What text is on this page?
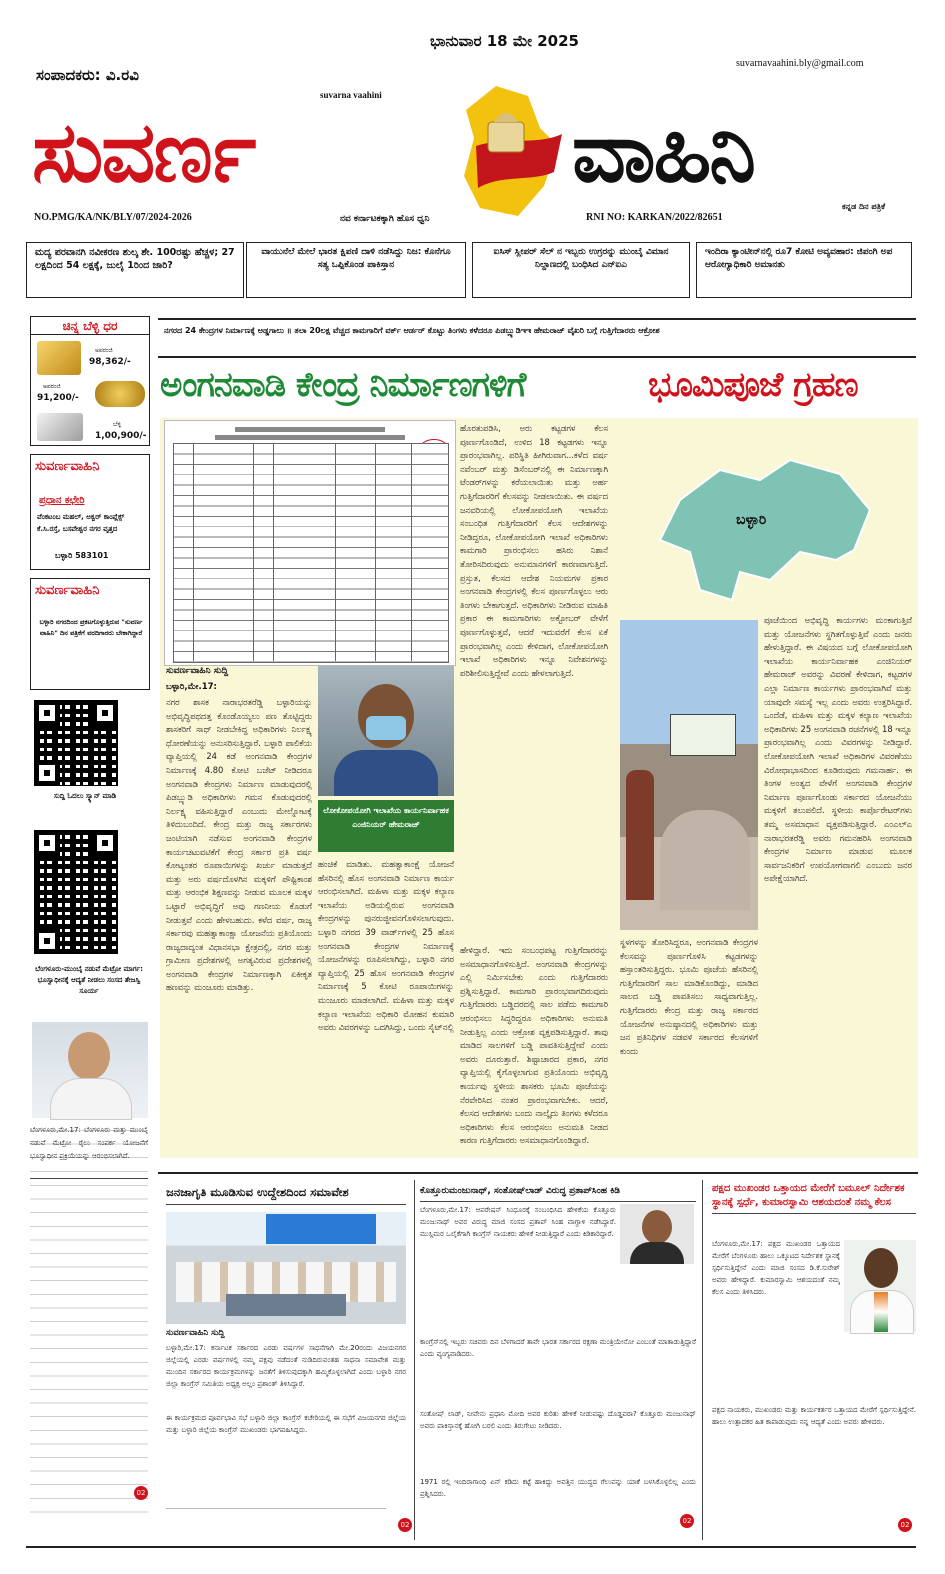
ಭಾನುವಾರ 18 ಮೇ 2025
suvarnavaahini.bly@gmail.com
ಸಂಪಾದಕರು: ವಿ.ರವಿ
suvarna vaahini
ಸುವರ್ಣ	ವಾಹಿನಿ
NO.PMG/KA/NK/BLY/07/2024-2026	ನವ ಕರ್ನಾಟಕಕ್ಕಾಗಿ ಹೊಸ ಧ್ವನಿ	RNI NO: KARKAN/2022/82651
ಕನ್ನಡ ದಿನ ಪತ್ರಿಕೆ
ಮದ್ಯ ಪರವಾನಗಿ ನವೀಕರಣ ಶುಲ್ಕ ಶೇ. 100ರಷ್ಟು ಹೆಚ್ಚಳ; 27 ಲಕ್ಷದಿಂದ 54 ಲಕ್ಷಕ್ಕೆ, ಜುಲೈ 1ರಿಂದ ಜಾರಿ?
ವಾಯುನೆಲೆ ಮೇಲೆ ಭಾರತ ಕ್ಷಿಪಣಿ ದಾಳಿ ನಡೆಸಿದ್ದು ನಿಜ: ಕೊನೆಗೂ ಸತ್ಯ ಒಪ್ಪಿಕೊಂಡ ಪಾಕಿಸ್ತಾನ
ಐಸಿಸ್ ಸ್ಲೀಪರ್ ಸೆಲ್ ನ ಇಬ್ಬರು ಉಗ್ರರನ್ನು ಮುಂಬೈ ವಿಮಾನ ನಿಲ್ದಾಣದಲ್ಲಿ ಬಂಧಿಸಿದ ಎನ್ಐಎ
ಇಂದಿರಾ ಕ್ಯಾಂಟೀನ್‌ನಲ್ಲಿ ರೂ7 ಕೋಟಿ ಅವ್ಯವಹಾರ: ಜಿಪಂಗಿ ಅಪ ಆರೋಗ್ಯಾಧಿಕಾರಿ ಅಮಾನತು
ಚಿನ್ನ ಬೆಳ್ಳಿ ಧರ
ಅಪರಂಜಿ
98,362/-
ಅಪರಂಜಿ
91,200/-
ಬೆಳ್ಳಿ
1,00,900/-
ಸುವರ್ಣವಾಹಿನಿ
ಪ್ರಧಾನ ಕಛೇರಿ
ವೆಂಕಟಂಬ ಮಹಲ್, ಅಕ್ವರ್ ಕಾಂಪ್ಲೆಕ್ಸ್ ಕೆ.ಸಿ.ರಸ್ತೆ, ಬಸವೇಶ್ವರ ನಗರ ವೃತ್ತದ
ಬಳ್ಳಾರಿ 583101
ಸುವರ್ಣವಾಹಿನಿ
ಬಳ್ಳಾರಿ ನಗರದಿಂದ ಪ್ರಕಟಗೊಳ್ಳುತ್ತಿರುವ "ಸುವರ್ಣ ವಾಹಿನಿ" ದಿನ ಪತ್ರಿಕೆಗೆ ವರದಿಗಾರರು ಬೇಕಾಗಿದ್ದಾರೆ
ಸುದ್ದಿ ಓದಲು ಸ್ಕ್ಯಾನ್ ಮಾಡಿ
ಬೆಂಗಳೂರು-ಮುಂಬೈ ನಡುವೆ ಮೆಟ್ರೋ ಮಾರ್ಗ: ಭೂಸ್ವಾಧೀನಕ್ಕೆ ಆದ್ಯತೆ ನೀಡಲು ಸಂಸದ ತೇಜಸ್ವಿ ಸೂರ್ಯ
ಬೆಂಗಳೂರು,ಮೇ.17: ಬೆಂಗಳೂರು ಮತ್ತು ಮುಂಬೈ ನಡುವೆ ಮೆಟ್ರೋ ರೈಲು ಸಂಪರ್ಕ ಯೋಜನೆಗೆ ಭೂಸ್ವಾಧೀನ ಪ್ರಕ್ರಿಯೆಯನ್ನು ಆರಂಭಿಸಲಾಗಿದೆ.
02
ನಗರದ 24 ಕೇಂದ್ರಗಳ ನಿರ್ಮಾಣಕ್ಕೆ ಅಡ್ಡಗಾಲು ॥ ತಲಾ 20ಲಕ್ಷ ವೆಚ್ಚದ ಕಾಮಗಾರಿಗೆ ವರ್ಕ್ ಆರ್ಡರ್ ಕೊಟ್ಟು ತಿಂಗಳು ಕಳೆದರೂ ಪಿಡಬ್ಲ್ಯುಡಿಇಇ ಹೇಮರಾಜ್ ವೈಖರಿ ಬಗ್ಗೆ ಗುತ್ತಿಗೆದಾರರು ಆಕ್ರೋಶ
ಅಂಗನವಾಡಿ ಕೇಂದ್ರ ನಿರ್ಮಾಣಗಳಿಗೆ	ಭೂಮಿಪೂಜೆ ಗ್ರಹಣ
ಬಳ್ಳಾರಿ
ಸುವರ್ಣವಾಹಿನಿ ಸುದ್ದಿ
ಬಳ್ಳಾರಿ,ಮೇ.17:
ನಗರ ಶಾಸಕ ನಾರಾಭರತರೆಡ್ಡಿ ಬಳ್ಳಾರಿಯನ್ನು ಅಭಿವೃದ್ಧಿಪಥದತ್ತ ಕೊಂಡೊಯ್ಯಲು ಪಣ ತೊಟ್ಟಿದ್ದರು ಶಾಸಕರಿಗೆ ಸಾಥ್ ನೀಡಬೇಕಿದ್ದ ಅಧಿಕಾರಿಗಳು ನಿರ್ಲಕ್ಷ್ಯ ಧೋರಣೆಯನ್ನು ಅನುಸರಿಸುತ್ತಿದ್ದಾರೆ. ಬಳ್ಳಾರಿ ಪಾಲಿಕೆಯ ವ್ಯಾಪ್ತಿಯಲ್ಲಿ 24 ಕಡೆ ಅಂಗನವಾಡಿ ಕೇಂದ್ರಗಳ ನಿರ್ಮಾಣಕ್ಕೆ 4.80 ಕೋಟಿ ಬಜೆಟ್ ನೀಡಿದರೂ ಅಂಗನವಾಡಿ ಕೇಂದ್ರಗಳು ನಿರ್ಮಾಣ ಮಾಡುವುದರಲ್ಲಿ ಪಿಡಬ್ಲ್ಯುಡಿ ಅಧಿಕಾರಿಗಳು ಗಮನ ಕೊಡುವುದರಲ್ಲಿ ನಿರ್ಲಕ್ಷ್ಯ ವಹಿಸುತ್ತಿದ್ದಾರೆ ಎಂಬುದು ಮೇಲ್ನೋಟಕ್ಕೆ ತಿಳಿದುಬಂದಿದೆ. ಕೇಂದ್ರ ಮತ್ತು ರಾಜ್ಯ ಸರ್ಕಾರಗಳು ಜಂಟಿಯಾಗಿ ನಡೆಸುವ ಅಂಗನವಾಡಿ ಕೇಂದ್ರಗಳ ಕಾರ್ಯಚಟುವಟಿಕೆಗೆ ಕೇಂದ್ರ ಸರ್ಕಾರ ಪ್ರತಿ ವರ್ಷ ಕೋಟ್ಯಂತರ ರೂಪಾಯಿಗಳನ್ನು ಖರ್ಚು ಮಾಡುತ್ತದೆ ಮತ್ತು ಅರು ವರ್ಷದೊಳಗಿನ ಮಕ್ಕಳಿಗೆ ಪೌಷ್ಟಿಕಾಂಶ ಮತ್ತು ಆರಂಭಿಕ ಶಿಕ್ಷಣವನ್ನು ನೀಡುವ ಮೂಲಕ ಮಕ್ಕಳ ಒಟ್ಟಾರೆ ಅಭಿವೃದ್ಧಿಗೆ ಅವು ಗಣನೀಯ ಕೊಡುಗೆ ನೀಡುತ್ತವೆ ಎಂದು ಹೇಳಬಹುದು. ಕಳೆದ ವರ್ಷ, ರಾಜ್ಯ ಸರ್ಕಾರವು ಮಹತ್ವಾಕಾಂಕ್ಷಾ ಯೋಜನೆಯ ಪ್ರತಿಯೊಂದು ರಾಜ್ಯದಾದ್ಯಂತ ವಿಧಾನಸಭಾ ಕ್ಷೇತ್ರದಲ್ಲಿ, ನಗರ ಮತ್ತು ಗ್ರಾಮೀಣ ಪ್ರದೇಶಗಳಲ್ಲಿ ಅಗತ್ಯವಿರುವ ಪ್ರದೇಶಗಳಲ್ಲಿ ಅಂಗನವಾಡಿ ಕೇಂದ್ರಗಳ ನಿರ್ಮಾಣಕ್ಕಾಗಿ ಏಕೀಕೃತ ಹಣವನ್ನು ಮಂಜೂರು ಮಾಡಿತ್ತು.
ಲೋಕೋಪಯೋಗಿ ಇಲಾಖೆಯ ಕಾರ್ಯನಿರ್ವಾಹಕ ಎಂಜಿನಿಯರ್ ಹೇಮರಾಜ್
ಹಂಚಿಕೆ ಮಾಡಿತು. ಮಹತ್ವಾಕಾಂಕ್ಷೆ ಯೋಜನೆ ಹೆಸರಿನಲ್ಲಿ ಹೊಸ ಅಂಗನವಾಡಿ ನಿರ್ಮಾಣ ಕಾರ್ಯ ಆರಂಭಿಸಲಾಗಿದೆ. ಮಹಿಳಾ ಮತ್ತು ಮಕ್ಕಳ ಕಲ್ಯಾಣ ಇಲಾಖೆಯ ಅಡಿಯಲ್ಲಿರುವ ಅಂಗನವಾಡಿ ಕೇಂದ್ರಗಳನ್ನು ಪುನರುಜ್ಜೀವನಗೊಳಿಸಲಾಗುವುದು. ಬಳ್ಳಾರಿ ನಗರದ 39 ವಾರ್ಡ್‌ಗಳಲ್ಲಿ 25 ಹೊಸ ಅಂಗನವಾಡಿ ಕೇಂದ್ರಗಳ ನಿರ್ಮಾಣಕ್ಕೆ ಯೋಜನೆಗಳನ್ನು ರೂಪಿಸಲಾಗಿದ್ದು, ಬಳ್ಳಾರಿ ನಗರ ವ್ಯಾಪ್ತಿಯಲ್ಲಿ 25 ಹೊಸ ಅಂಗನವಾಡಿ ಕೇಂದ್ರಗಳ ನಿರ್ಮಾಣಕ್ಕೆ 5 ಕೋಟಿ ರೂಪಾಯಿಗಳನ್ನು ಮಂಜೂರು ಮಾಡಲಾಗಿದೆ. ಮಹಿಳಾ ಮತ್ತು ಮಕ್ಕಳ ಕಲ್ಯಾಣ ಇಲಾಖೆಯ ಅಧಿಕಾರಿ ಮೋಹನ ಕುಮಾರಿ ಅವರು ವಿವರಗಳನ್ನು ಒದಗಿಸಿದ್ದು, ಒಂದು ಸೈಟ್‌ನಲ್ಲಿ
ಹೊರತುಪಡಿಸಿ, ಅರು ಕಟ್ಟಡಗಳ ಕೆಲಸ ಪೂರ್ಣಗೊಂಡಿದೆ, ಉಳಿದ 18 ಕಟ್ಟಡಗಳು ಇನ್ನೂ ಪ್ರಾರಂಭವಾಗಿಲ್ಲ. ಪರಿಸ್ಥಿತಿ ಹೀಗಿರುವಾಗ...ಕಳೆದ ವರ್ಷ ನವೆಂಬರ್ ಮತ್ತು ಡಿಸೆಂಬರ್‌ನಲ್ಲಿ ಈ ನಿರ್ಮಾಣಕ್ಕಾಗಿ ಟೆಂಡರ್‌ಗಳನ್ನು ಕರೆಯಲಾಯಿತು ಮತ್ತು ಅರ್ಹ ಗುತ್ತಿಗೆದಾರರಿಗೆ ಕೆಲಸವನ್ನು ನೀಡಲಾಯಿತು. ಈ ವರ್ಷದ ಜನವರಿಯಲ್ಲಿ ಲೋಕೋಪಯೋಗಿ ಇಲಾಖೆಯ ಸಂಬಂಧಿತ ಗುತ್ತಿಗೆದಾರರಿಗೆ ಕೆಲಸ ಆದೇಶಗಳನ್ನು ನೀಡಿದ್ದರೂ, ಲೋಕೋಪಯೋಗಿ ಇಲಾಖೆ ಅಧಿಕಾರಿಗಳು ಕಾಮಗಾರಿ ಪ್ರಾರಂಭಿಸಲು ಹಸಿರು ನಿಶಾನೆ ತೋರಿಸದಿರುವುದು ಅನುಮಾನಗಳಿಗೆ ಕಾರಣವಾಗುತ್ತಿದೆ. ಪ್ರಸ್ತುತ, ಕೆಲಸದ ಆದೇಶ ನಿಯಮಗಳ ಪ್ರಕಾರ ಅಂಗನವಾಡಿ ಕೇಂದ್ರಗಳಲ್ಲಿ ಕೆಲಸ ಪೂರ್ಣಗೊಳ್ಳಲು ಆರು ತಿಂಗಳು ಬೇಕಾಗುತ್ತದೆ. ಅಧಿಕಾರಿಗಳು ನೀಡಿರುವ ಮಾಹಿತಿ ಪ್ರಕಾರ ಈ ಕಾಮಗಾರಿಗಳು ಅಕ್ಟೋಬರ್ ವೇಳೆಗೆ ಪೂರ್ಣಗೊಳ್ಳುತ್ತವೆ, ಆದರೆ ಇದುವರೆಗೆ ಕೆಲಸ ಏಕೆ ಪ್ರಾರಂಭವಾಗಿಲ್ಲ ಎಂದು ಕೇಳಿದಾಗ, ಲೋಕೋಪಯೋಗಿ ಇಲಾಖೆ ಅಧಿಕಾರಿಗಳು ಇನ್ನೂ ನಿವೇಶನಗಳನ್ನು ಪರಿಶೀಲಿಸುತ್ತಿದ್ದೇವೆ ಎಂದು ಹೇಳಲಾಗುತ್ತಿದೆ.
ಹೇಳಿದ್ದಾರೆ. ಇದು ಸಂಬಂಧಪಟ್ಟ ಗುತ್ತಿಗೆದಾರರನ್ನು ಅಸಮಾಧಾನಗೊಳಿಸುತ್ತಿದೆ. ಅಂಗನವಾಡಿ ಕೇಂದ್ರಗಳನ್ನು ಎಲ್ಲಿ ನಿರ್ಮಿಸಬೇಕು ಎಂದು ಗುತ್ತಿಗೆದಾರರು ಪ್ರಶ್ನಿಸುತ್ತಿದ್ದಾರೆ. ಕಾಮಗಾರಿ ಪ್ರಾರಂಭವಾಗದಿರುವುದು ಗುತ್ತಿಗೆದಾರರು ಬಡ್ಡಿದರದಲ್ಲಿ ಸಾಲ ಪಡೆದು ಕಾಮಗಾರಿ ಆರಂಭಿಸಲು ಸಿದ್ಧರಿದ್ದರೂ ಅಧಿಕಾರಿಗಳು ಅನುಮತಿ ನೀಡುತ್ತಿಲ್ಲ ಎಂದು ಆಕ್ರೋಶ ವ್ಯಕ್ತಪಡಿಸುತ್ತಿದ್ದಾರೆ. ತಾವು ಮಾಡಿದ ಸಾಲಗಳಿಗೆ ಬಡ್ಡಿ ಪಾವತಿಸುತ್ತಿದ್ದೇವೆ ಎಂದು ಅವರು ದೂರುತ್ತಾರೆ. ಶಿಷ್ಟಾಚಾರದ ಪ್ರಕಾರ, ನಗರ ವ್ಯಾಪ್ತಿಯಲ್ಲಿ ಕೈಗೊಳ್ಳಲಾಗುವ ಪ್ರತಿಯೊಂದು ಅಭಿವೃದ್ಧಿ ಕಾರ್ಯವು ಸ್ಥಳೀಯ ಶಾಸಕರು ಭೂಮಿ ಪೂಜೆಯನ್ನು ನೆರವೇರಿಸಿದ ನಂತರ ಪ್ರಾರಂಭವಾಗಬೇಕು. ಆದರೆ, ಕೆಲಸದ ಆದೇಶಗಳು ಬಂದು ನಾಲ್ಕೈದು ತಿಂಗಳು ಕಳೆದರೂ ಅಧಿಕಾರಿಗಳು ಕೆಲಸ ಆರಂಭಿಸಲು ಅನುಮತಿ ನೀಡದ ಕಾರಣ ಗುತ್ತಿಗೆದಾರರು ಅಸಮಾಧಾನಗೊಂಡಿದ್ದಾರೆ.
ಸ್ಥಳಗಳನ್ನು ತೋರಿಸಿದ್ದರೂ, ಅಂಗನವಾಡಿ ಕೇಂದ್ರಗಳ ಕೆಲಸವನ್ನು ಪೂರ್ಣಗೊಳಿಸಿ ಕಟ್ಟಡಗಳನ್ನು ಹಸ್ತಾಂತರಿಸುತ್ತಿದ್ದರು. ಭೂಮಿ ಪೂಜೆಯ ಹೆಸರಿನಲ್ಲಿ ಗುತ್ತಿಗೆದಾರರಿಗೆ ಸಾಲ ಮಾಡಿಕೊಂಡಿದ್ದು, ಮಾಡಿದ ಸಾಲದ ಬಡ್ಡಿ ಪಾವತಿಸಲು ಸಾಧ್ಯವಾಗುತ್ತಿಲ್ಲ. ಗುತ್ತಿಗೆದಾರರು ಕೇಂದ್ರ ಮತ್ತು ರಾಜ್ಯ ಸರ್ಕಾರದ ಯೋಜನೆಗಳ ಅನುಷ್ಠಾನದಲ್ಲಿ ಅಧಿಕಾರಿಗಳು ಮತ್ತು ಜನ ಪ್ರತಿನಿಧಿಗಳ ನಡವಳಿ ಸರ್ಕಾರದ ಕೆಲಸಗಳಿಗೆ ಕುಂದು
ಪೂಜೆಯಿಂದ ಅಭಿವೃದ್ಧಿ ಕಾರ್ಯಗಳು ಮಂಕಾಗುತ್ತಿವೆ ಮತ್ತು ಯೋಜನೆಗಳು ಸ್ಥಗಿತಗೊಳ್ಳುತ್ತಿವೆ ಎಂದು ಜನರು ಹೇಳುತ್ತಿದ್ದಾರೆ. ಈ ವಿಷಯದ ಬಗ್ಗೆ ಲೋಕೋಪಯೋಗಿ ಇಲಾಖೆಯ ಕಾರ್ಯನಿರ್ವಾಹಕ ಎಂಜಿನಿಯರ್ ಹೇಮರಾಜ್ ಅವರನ್ನು ವಿವರಣೆ ಕೇಳಿದಾಗ, ಕಟ್ಟಡಗಳ ಎಲ್ಲಾ ನಿರ್ಮಾಣ ಕಾರ್ಯಗಳು ಪ್ರಾರಂಭವಾಗಿವೆ ಮತ್ತು ಯಾವುದೇ ಸಮಸ್ಯೆ ಇಲ್ಲ ಎಂದು ಅವರು ಉತ್ತರಿಸಿದ್ದಾರೆ. ಒಂದೆಡೆ, ಮಹಿಳಾ ಮತ್ತು ಮಕ್ಕಳ ಕಲ್ಯಾಣ ಇಲಾಖೆಯ ಅಧಿಕಾರಿಗಳು 25 ಅಂಗನವಾಡಿ ರಚನೆಗಳಲ್ಲಿ 18 ಇನ್ನೂ ಪ್ರಾರಂಭವಾಗಿಲ್ಲ ಎಂದು ವಿವರಗಳನ್ನು ನೀಡಿದ್ದಾರೆ. ಲೋಕೋಪಯೋಗಿ ಇಲಾಖೆ ಅಧಿಕಾರಿಗಳ ವಿವರಣೆಯು ವಿರೋಧಾಭಾಸದಿಂದ ಕೂಡಿರುವುದು ಗಮನಾರ್ಹ. ಈ ತಿಂಗಳ ಅಂತ್ಯದ ವೇಳೆಗೆ ಅಂಗನವಾಡಿ ಕೇಂದ್ರಗಳ ನಿರ್ಮಾಣ ಪೂರ್ಣಗೊಂಡು ಸರ್ಕಾರದ ಯೋಜನೆಯು ಮಕ್ಕಳಿಗೆ ತಲುಪಲಿದೆ. ಸ್ಥಳೀಯ ಕಾರ್ಪೊರೇಟರ್‌ಗಳು ತಮ್ಮ ಅಸಮಾಧಾನ ವ್ಯಕ್ತಪಡಿಸುತ್ತಿದ್ದಾರೆ. ಎಂಎಲ್ಎ ನಾರಾಭರತರೆಡ್ಡಿ ಅವರು ಗಮನಹರಿಸಿ ಅಂಗನವಾಡಿ ಕೇಂದ್ರಗಳ ನಿರ್ಮಾಣ ಮಾಡುವ ಮೂಲಕ ಸಾರ್ವಜನಿಕರಿಗೆ ಉಪಯೋಗವಾಗಲಿ ಎಂಬುದು ಜನರ ಅಪೇಕ್ಷೆಯಾಗಿದೆ.
ಜನಜಾಗೃತಿ ಮೂಡಿಸುವ ಉದ್ದೇಶದಿಂದ ಸಮಾವೇಶ
ಸುವರ್ಣವಾಹಿನಿ ಸುದ್ದಿ
ಬಳ್ಳಾರಿ,ಮೇ.17: ಕರ್ನಾಟಕ ಸರ್ಕಾರದ ಎರಡು ವರ್ಷಗಳ ಸಾಧನೆಗಾಗಿ ಮೇ.20ರಂದು ವಿಜಯನಗರ ಜಿಲ್ಲೆಯಲ್ಲಿ ಎರಡು ವರ್ಷಗಳಲ್ಲಿ ನಮ್ಮ ಪಕ್ಷವು ನಡೆದಂತೆ ನುಡಿದಿರುವಂತಹ ಸಾಧನಾ ಸಮಾವೇಶ ಮತ್ತು ಮುಂದಿನ ಸರ್ಕಾರದ ಕಾರ್ಯಕ್ರಮಗಳನ್ನು ಜನತೆಗೆ ತಿಳಿಸುವುದಕ್ಕಾಗಿ ಹಮ್ಮಿಕೊಳ್ಳಲಾಗಿದೆ ಎಂದು ಬಳ್ಳಾರಿ ನಗರ ಜಿಲ್ಲಾ ಕಾಂಗ್ರೆಸ್ ಸಮಿತಿಯ ಅಧ್ಯಕ್ಷ ಅಲ್ಲಂ ಪ್ರಶಾಂತ್ ತಿಳಿಸಿದ್ದಾರೆ.
ಈ ಕಾರ್ಯಕ್ರಮದ ಪೂರ್ವಭಾವಿ ಸಭೆ ಬಳ್ಳಾರಿ ಜಿಲ್ಲಾ ಕಾಂಗ್ರೆಸ್ ಕಚೇರಿಯಲ್ಲಿ ಈ ಸಭೆಗೆ ವಿಜಯನಗರ ಜಿಲ್ಲೆಯ ಮತ್ತು ಬಳ್ಳಾರಿ ಜಿಲ್ಲೆಯ ಕಾಂಗ್ರೆಸ್ ಮುಖಂಡರು ಭಾಗವಹಿಸಿದ್ದರು.
02
ಕೊತ್ತೂರುಮಂಜುನಾಥ್, ಸಂತೋಷ್‌ಲಾಡ್ ವಿರುದ್ಧ ಪ್ರತಾಪ್‌ಸಿಂಹ ಕಿಡಿ
ಬೆಂಗಳೂರು,ಮೇ.17: ಆಪರೇಷನ್ ಸಿಂಧೂರಕ್ಕೆ ಸಂಬಂಧಿಸಿದ ಹೇಳಿಕೆಯ ಕೊತ್ತೂರು ಮಂಜುನಾಥ್ ಅವರ ವಿರುದ್ಧ ಮಾಜಿ ಸಂಸದ ಪ್ರತಾಪ್ ಸಿಂಹ ವಾಗ್ದಾಳಿ ನಡೆಸಿದ್ದಾರೆ. ಮುಸ್ಲಿಮರ ಒಲೈಕೆಗಾಗಿ ಕಾಂಗ್ರೆಸ್ ನಾಯಕರು ಹೇಳಿಕೆ ನೀಡುತ್ತಿದ್ದಾರೆ ಎಂದು ಕಿಡಿಕಾರಿದ್ದಾರೆ.
ಕಾಂಗ್ರೆಸ್‌ನಲ್ಲಿ ಇಬ್ಬರು ಸಚಿವರು ದಿನ ಬೆಳಗಾದರೆ ತಾವೇ ಭಾರತ ಸರ್ಕಾರದ ರಕ್ಷಣಾ ಮಂತ್ರಿಯೇನೋ ಎಂಬಂತೆ ಮಾತಾಡುತ್ತಿದ್ದಾರೆ ಎಂದು ವ್ಯಂಗ್ಯವಾಡಿದರು.
ಸಂತೋಷ್ ಲಾಡ್, ನೀವೇನು ಪ್ರಧಾನಿ ಮೋದಿ ಅವರ ಕುರಿತು ಹೇಳಿಕೆ ನೀಡುವಷ್ಟು ದೊಡ್ಡವರಾ? ಕೊತ್ತೂರು ಮಂಜುನಾಥ್ ಅವರು ಪಾಕಿಸ್ತಾನಕ್ಕೆ ಹೋಗಿ ಬರಲಿ ಎಂದು ತಿರುಗೇಟು ನೀಡಿದರು.
1971 ರಲ್ಲಿ ಇಂದಿರಾಗಾಂಧಿ ಏನ್ ಕಡಿದು ಕಟ್ಟೆ ಹಾಕಿದ್ದು ಅವತ್ತಿನ ಯುದ್ಧದ ಗೆಲುವನ್ನು ಯಾಕೆ ಬಳಸಿಕೊಳ್ಳಲಿಲ್ಲ ಎಂದು ಪ್ರಶ್ನಿಸಿದರು.
02
ಪಕ್ಷದ ಮುಖಂಡರ ಒತ್ತಾಯದ ಮೇರೆಗೆ ಬಮೂಲ್ ನಿರ್ದೇಶಕ ಸ್ಥಾನಕ್ಕೆ ಸ್ಪರ್ಧೆ, ಕುಮಾರಸ್ವಾಮಿ ಆಶಯದಂತೆ ನಮ್ಮ ಕೆಲಸ
ಬೆಂಗಳೂರು,ಮೇ.17: ಪಕ್ಷದ ಮುಖಂಡರ ಒತ್ತಾಯದ ಮೇರೆಗೆ ಬೆಂಗಳೂರು ಹಾಲು ಒಕ್ಕೂಟದ ನಿರ್ದೇಶಕ ಸ್ಥಾನಕ್ಕೆ ಸ್ಪರ್ಧಿಸುತ್ತಿದ್ದೇನೆ ಎಂದು ಮಾಜಿ ಸಂಸದ ಡಿ.ಕೆ.ಸುರೇಶ್ ಅವರು ಹೇಳಿದ್ದಾರೆ. ಕುಮಾರಸ್ವಾಮಿ ಆಶಯದಂತೆ ನಮ್ಮ ಕೆಲಸ ಎಂದು ತಿಳಿಸಿದರು.
ಪಕ್ಷದ ನಾಯಕರು, ಮುಖಂಡರು ಮತ್ತು ಕಾರ್ಯಕರ್ತರ ಒತ್ತಾಯದ ಮೇರೆಗೆ ಸ್ಪರ್ಧಿಸುತ್ತಿದ್ದೇನೆ. ಹಾಲು ಉತ್ಪಾದಕರ ಹಿತ ಕಾಪಾಡುವುದು ನನ್ನ ಆದ್ಯತೆ ಎಂದು ಅವರು ಹೇಳಿದರು.
02
